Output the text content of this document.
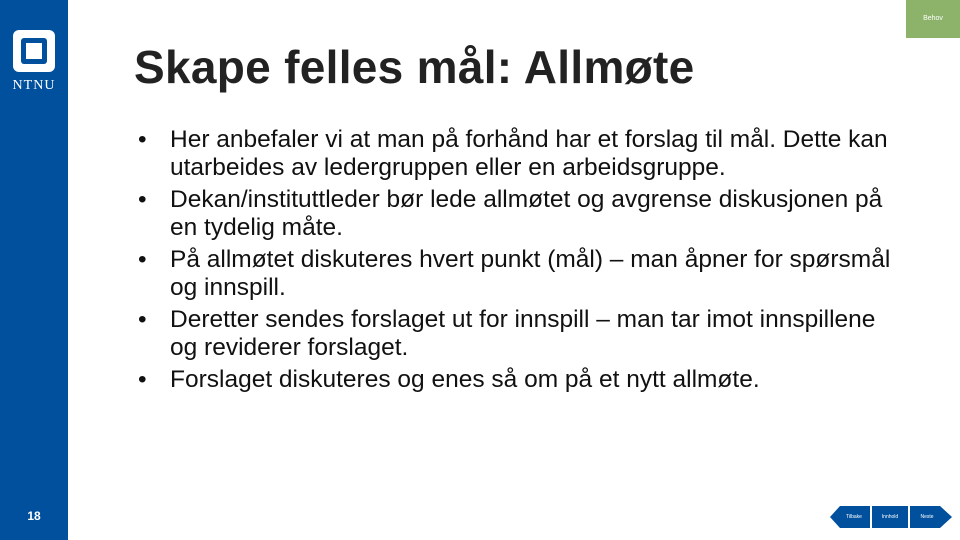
NTNU
18
Behov
Skape felles mål: Allmøte
• Her anbefaler vi at man på forhånd har et forslag til mål. Dette kan utarbeides av ledergruppen eller en arbeidsgruppe.
• Dekan/instituttleder bør lede allmøtet og avgrense diskusjonen på en tydelig måte.
• På allmøtet diskuteres hvert punkt (mål) – man åpner for spørsmål og innspill.
• Deretter sendes forslaget ut for innspill – man tar imot innspillene og reviderer forslaget.
• Forslaget diskuteres og enes så om på et nytt allmøte.
Tilbake	Innhold	Neste
